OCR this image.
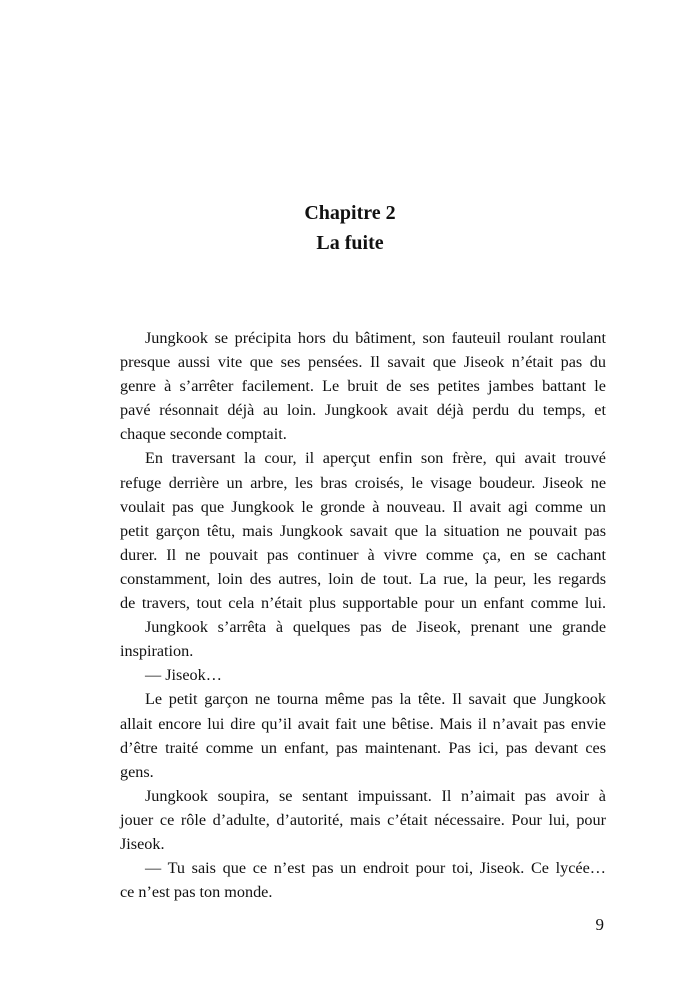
Chapitre 2
La fuite

Jungkook se précipita hors du bâtiment, son fauteuil roulant roulant
presque aussi vite que ses pensées. Il savait que Jiseok n’était pas du
genre à s’arrêter facilement. Le bruit de ses petites jambes battant le
pavé résonnait déjà au loin. Jungkook avait déjà perdu du temps, et
chaque seconde comptait.

En traversant la cour, il aperçut enfin son frère, qui avait trouvé
refuge derrière un arbre, les bras croisés, le visage boudeur. Jiseok ne
voulait pas que Jungkook le gronde à nouveau. Il avait agi comme un
petit garçon têtu, mais Jungkook savait que la situation ne pouvait pas
durer. Il ne pouvait pas continuer à vivre comme ça, en se cachant
constamment, loin des autres, loin de tout. La rue, la peur, les regards
de travers, tout cela n’était plus supportable pour un enfant comme lui.

Jungkook s’arrêta à quelques pas de Jiseok, prenant une grande
inspiration.

— Jiseok…

Le petit garçon ne tourna même pas la tête. Il savait que Jungkook
allait encore lui dire qu’il avait fait une bêtise. Mais il n’avait pas envie
d’être traité comme un enfant, pas maintenant. Pas ici, pas devant ces
gens.

Jungkook soupira, se sentant impuissant. Il n’aimait pas avoir à
jouer ce rôle d’adulte, d’autorité, mais c’était nécessaire. Pour lui, pour
Jiseok.

— Tu sais que ce n’est pas un endroit pour toi, Jiseok. Ce lycée…
ce n’est pas ton monde.

9
